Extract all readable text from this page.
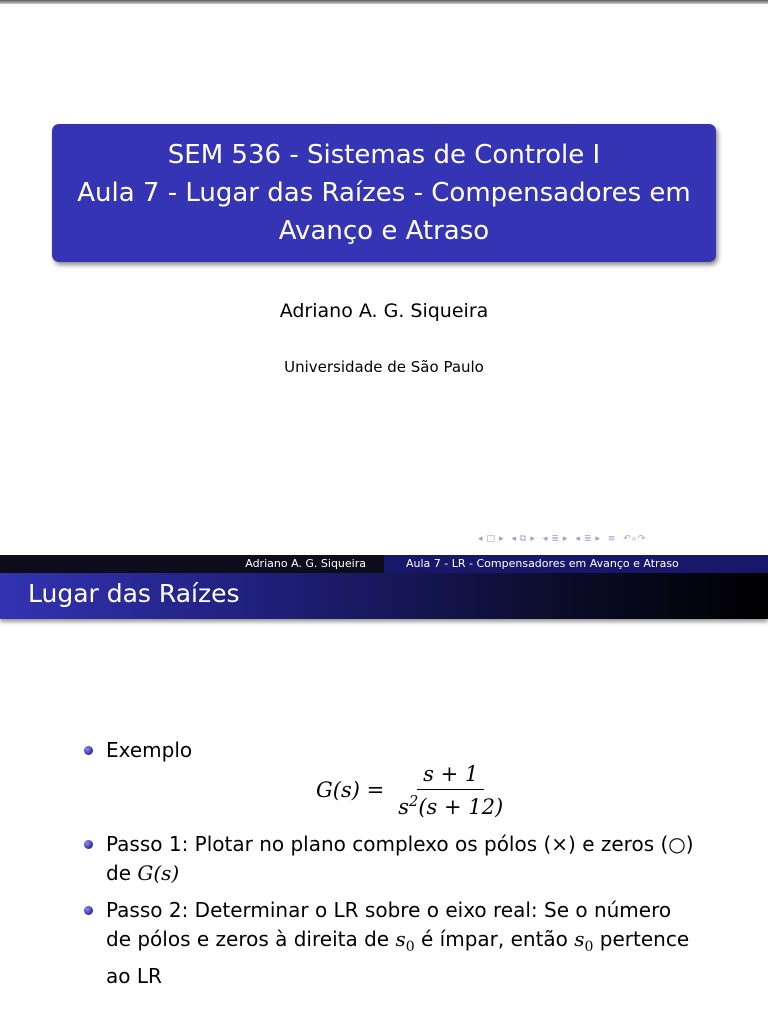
SEM 536 - Sistemas de Controle I
Aula 7 - Lugar das Raízes - Compensadores em
Avanço e Atraso
Adriano A. G. Siqueira
Universidade de São Paulo
◂ □ ▸ ◂ ⧉ ▸ ◂ ≣ ▸ ◂ ≣ ▸ ≡ ↶⌕↷
Adriano A. G. Siqueira	Aula 7 - LR - Compensadores em Avanço e Atraso
Lugar das Raízes
Exemplo
$G(s) = \frac{s + 1}{s^2(s + 12)}$
Passo 1: Plotar no plano complexo os pólos (×) e zeros (○)
de G(s)
Passo 2: Determinar o LR sobre o eixo real: Se o número
de pólos e zeros à direita de $s_0$ é ímpar, então $s_0$ pertence
ao LR
